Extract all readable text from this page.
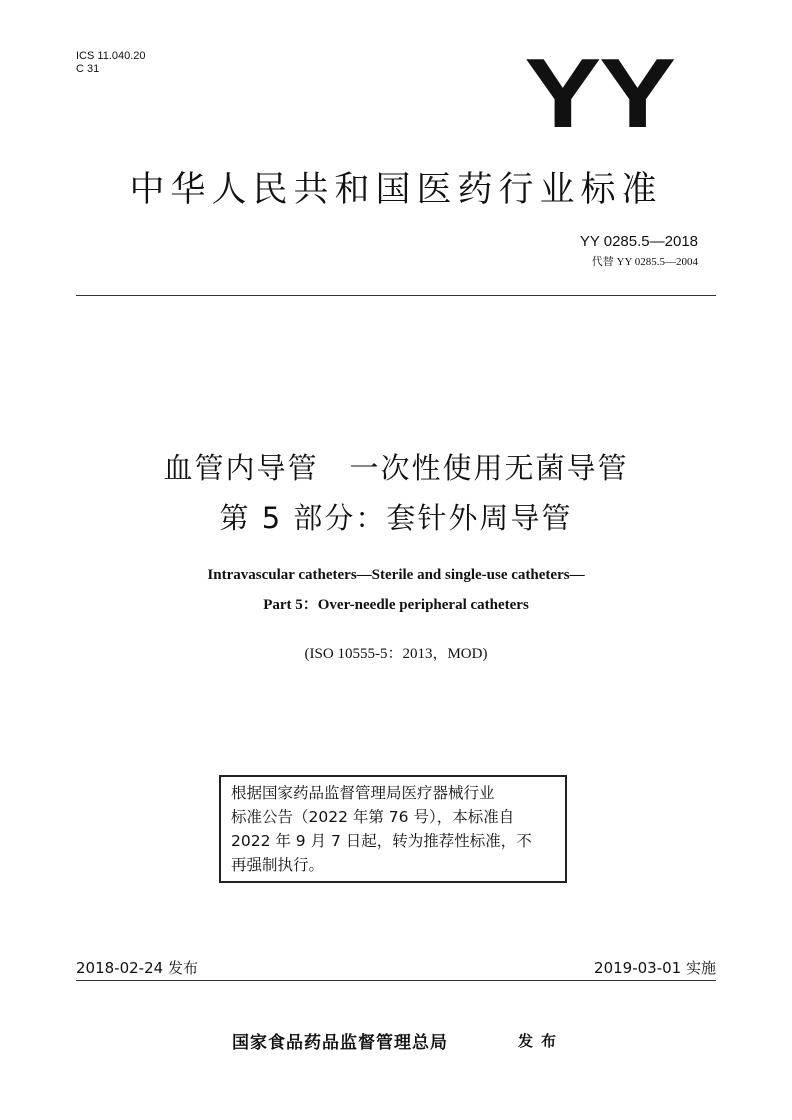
ICS 11.040.20
C 31	YY
中华人民共和国医药行业标准
YY 0285.5—2018
代替 YY 0285.5—2004
血管内导管　一次性使用无菌导管
第 5 部分：套针外周导管
Intravascular catheters—Sterile and single-use catheters—
Part 5：Over-needle peripheral catheters
(ISO 10555-5：2013，MOD)
根据国家药品监督管理局医疗器械行业
标准公告（2022 年第 76 号），本标准自
2022 年 9 月 7 日起，转为推荐性标准，不
再强制执行。
2018-02-24 发布	2019-03-01 实施
国家食品药品监督管理总局	发布
